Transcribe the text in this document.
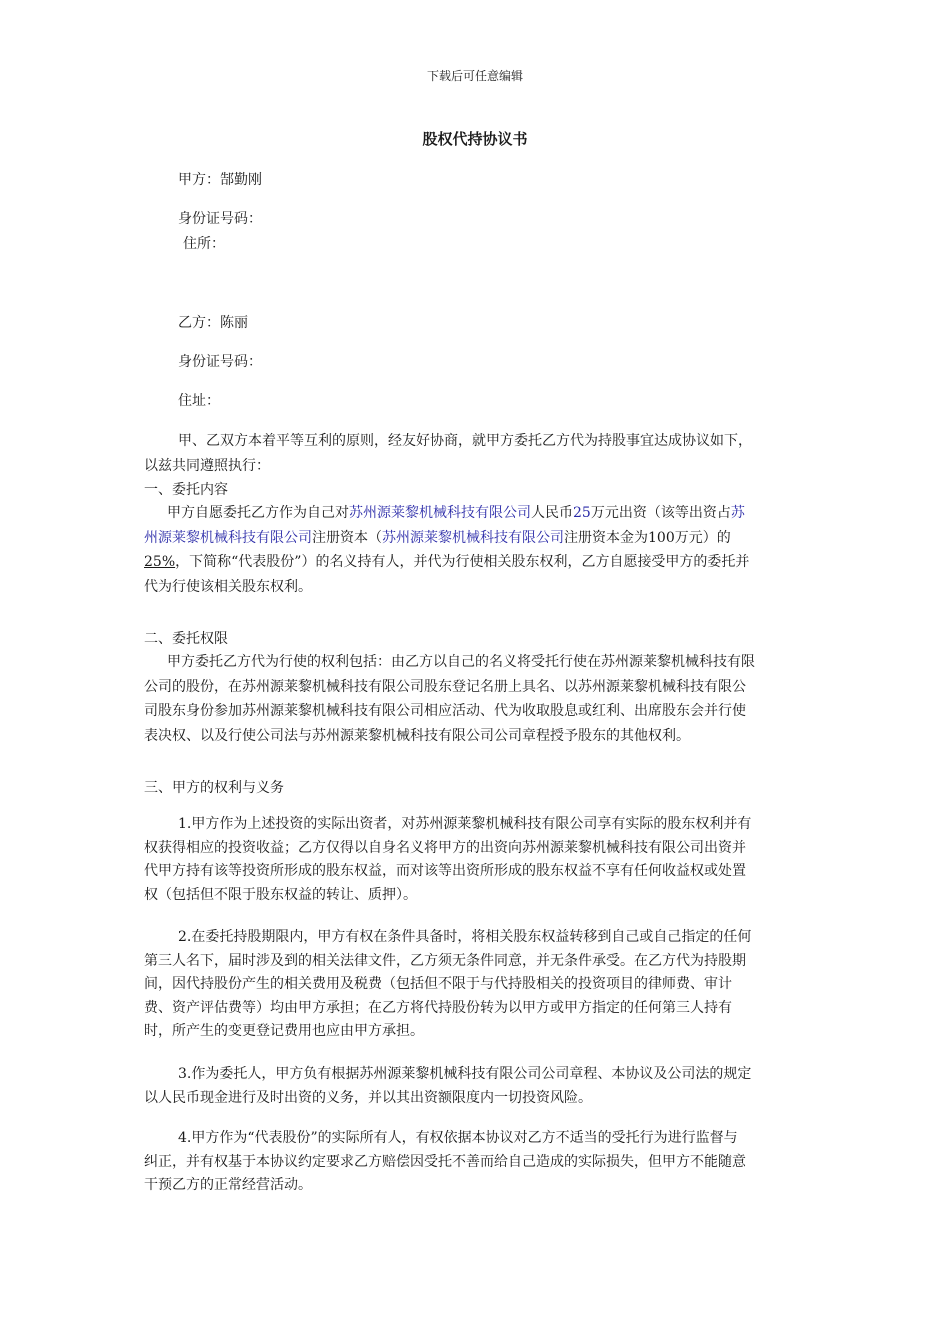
下载后可任意编辑
股权代持协议书
甲方：郜勤刚
身份证号码：
住所：
乙方：陈丽
身份证号码：
住址：
甲、乙双方本着平等互利的原则，经友好协商，就甲方委托乙方代为持股事宜达成协议如下，
以兹共同遵照执行：
一、委托内容
甲方自愿委托乙方作为自己对苏州源莱黎机械科技有限公司人民币25万元出资（该等出资占苏
州源莱黎机械科技有限公司注册资本（苏州源莱黎机械科技有限公司注册资本金为100万元）的
25%，下简称“代表股份”）的名义持有人，并代为行使相关股东权利，乙方自愿接受甲方的委托并
代为行使该相关股东权利。
二、委托权限
甲方委托乙方代为行使的权利包括：由乙方以自己的名义将受托行使在苏州源莱黎机械科技有限
公司的股份，在苏州源莱黎机械科技有限公司股东登记名册上具名、以苏州源莱黎机械科技有限公
司股东身份参加苏州源莱黎机械科技有限公司相应活动、代为收取股息或红利、出席股东会并行使
表决权、以及行使公司法与苏州源莱黎机械科技有限公司公司章程授予股东的其他权利。
三、甲方的权利与义务
1.甲方作为上述投资的实际出资者，对苏州源莱黎机械科技有限公司享有实际的股东权利并有
权获得相应的投资收益；乙方仅得以自身名义将甲方的出资向苏州源莱黎机械科技有限公司出资并
代甲方持有该等投资所形成的股东权益，而对该等出资所形成的股东权益不享有任何收益权或处置
权（包括但不限于股东权益的转让、质押）。
2.在委托持股期限内，甲方有权在条件具备时，将相关股东权益转移到自己或自己指定的任何
第三人名下，届时涉及到的相关法律文件，乙方须无条件同意，并无条件承受。在乙方代为持股期
间，因代持股份产生的相关费用及税费（包括但不限于与代持股相关的投资项目的律师费、审计
费、资产评估费等）均由甲方承担；在乙方将代持股份转为以甲方或甲方指定的任何第三人持有
时，所产生的变更登记费用也应由甲方承担。
3.作为委托人，甲方负有根据苏州源莱黎机械科技有限公司公司章程、本协议及公司法的规定
以人民币现金进行及时出资的义务，并以其出资额限度内一切投资风险。
4.甲方作为“代表股份”的实际所有人，有权依据本协议对乙方不适当的受托行为进行监督与
纠正，并有权基于本协议约定要求乙方赔偿因受托不善而给自己造成的实际损失，但甲方不能随意
干预乙方的正常经营活动。
